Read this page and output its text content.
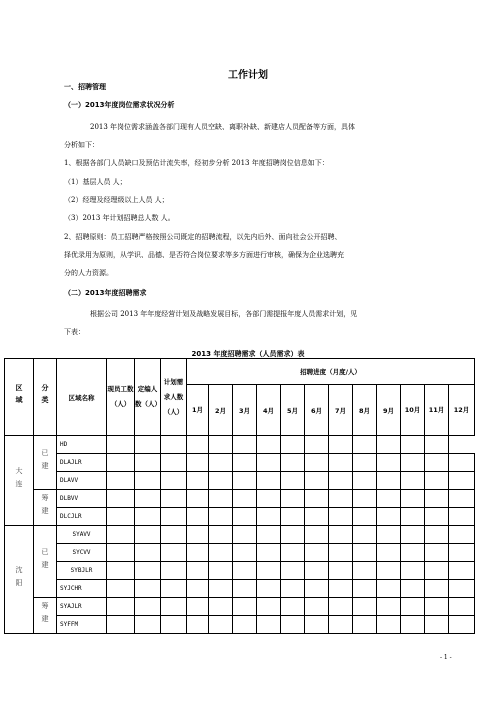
工作计划
一、招聘管理
（一）2013年度岗位需求状况分析
2013 年岗位需求涵盖各部门现有人员空缺、离职补缺、新建店人员配备等方面，具体
分析如下：
1、根据各部门人员缺口及预估计流失率，经初步分析 2013 年度招聘岗位信息如下：
（1）基层人员 人；
（2）经理及经理级以上人员 人；
（3）2013 年计划招聘总人数 人。
2、招聘原则：员工招聘严格按照公司既定的招聘流程，以先内后外、面向社会公开招聘、
择优录用为原则，从学识、品德、是否符合岗位要求等多方面进行审核，确保为企业选聘充
分的人力资源。
（二）2013年度招聘需求
根据公司 2013 年年度经营计划及战略发展目标，各部门需提报年度人员需求计划，见
下表：
2013 年度招聘需求（人员需求）表
区域	分类	区域名称	现员工数（人）	定编人数（人）	计划需求人数（人）	招聘进度（月度/人）											
						1月	2月	3月	4月	5月	6月	7月	8月	9月	10月	11月	12月
大连	已建	HD															
		DLAJLR															
		DLAVV															
	筹建	DLBVV															
		DLCJLR															
沈阳	已建	SYAVV															
		SYCVV															
		SYBJLR															
		SYJCHR															
	筹建	SYAJLR															
		SYFFM															
- 1 -
